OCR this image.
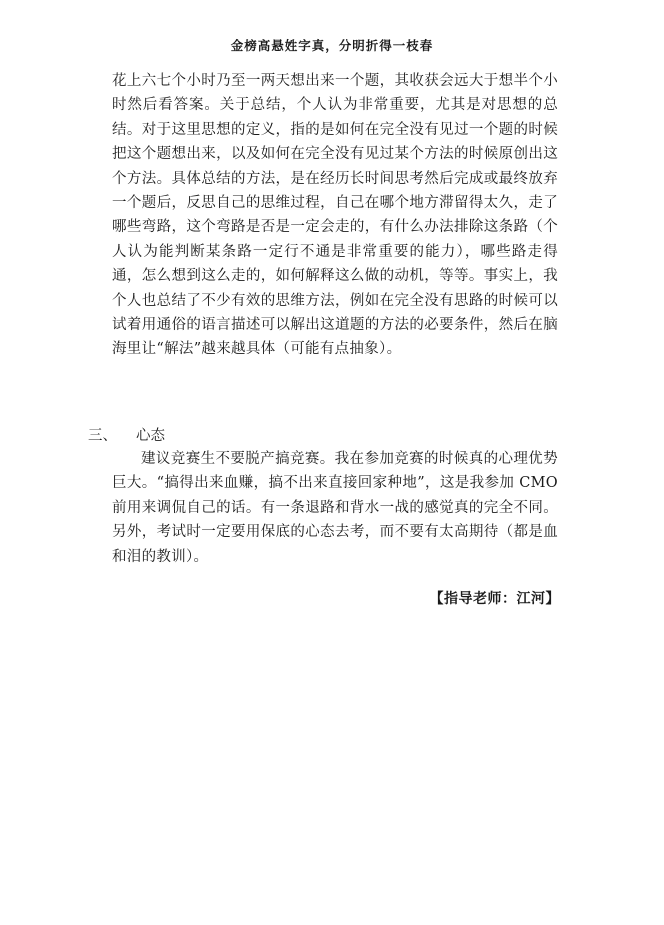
金榜高悬姓字真，分明折得一枝春

花上六七个小时乃至一两天想出来一个题，其收获会远大于想半个小时然后看答案。关于总结，个人认为非常重要，尤其是对思想的总结。对于这里思想的定义，指的是如何在完全没有见过一个题的时候把这个题想出来，以及如何在完全没有见过某个方法的时候原创出这个方法。具体总结的方法，是在经历长时间思考然后完成或最终放弃一个题后，反思自己的思维过程，自己在哪个地方滞留得太久，走了哪些弯路，这个弯路是否是一定会走的，有什么办法排除这条路（个人认为能判断某条路一定行不通是非常重要的能力），哪些路走得通，怎么想到这么走的，如何解释这么做的动机，等等。事实上，我个人也总结了不少有效的思维方法，例如在完全没有思路的时候可以试着用通俗的语言描述可以解出这道题的方法的必要条件，然后在脑海里让“解法”越来越具体（可能有点抽象）。

三、 心态

建议竞赛生不要脱产搞竞赛。我在参加竞赛的时候真的心理优势巨大。“搞得出来血赚，搞不出来直接回家种地”，这是我参加 CMO 前用来调侃自己的话。有一条退路和背水一战的感觉真的完全不同。另外，考试时一定要用保底的心态去考，而不要有太高期待（都是血和泪的教训）。

【指导老师：江河】
